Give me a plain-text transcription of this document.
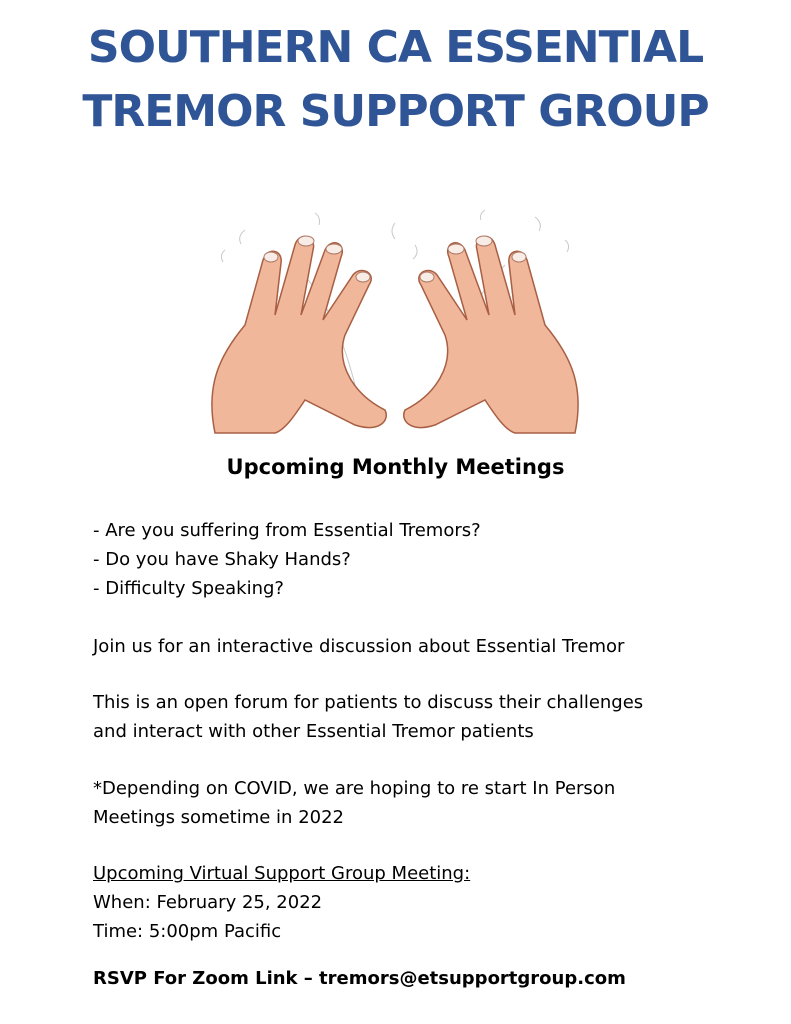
SOUTHERN CA ESSENTIAL
TREMOR SUPPORT GROUP
Upcoming Monthly Meetings
- Are you suffering from Essential Tremors?
- Do you have Shaky Hands?
- Difficulty Speaking?

Join us for an interactive discussion about Essential Tremor

This is an open forum for patients to discuss their challenges
and interact with other Essential Tremor patients
*Depending on COVID, we are hoping to re start In Person
Meetings sometime in 2022
Upcoming Virtual Support Group Meeting:
When: February 25, 2022
Time: 5:00pm Pacific

RSVP For Zoom Link – tremors@etsupportgroup.com
